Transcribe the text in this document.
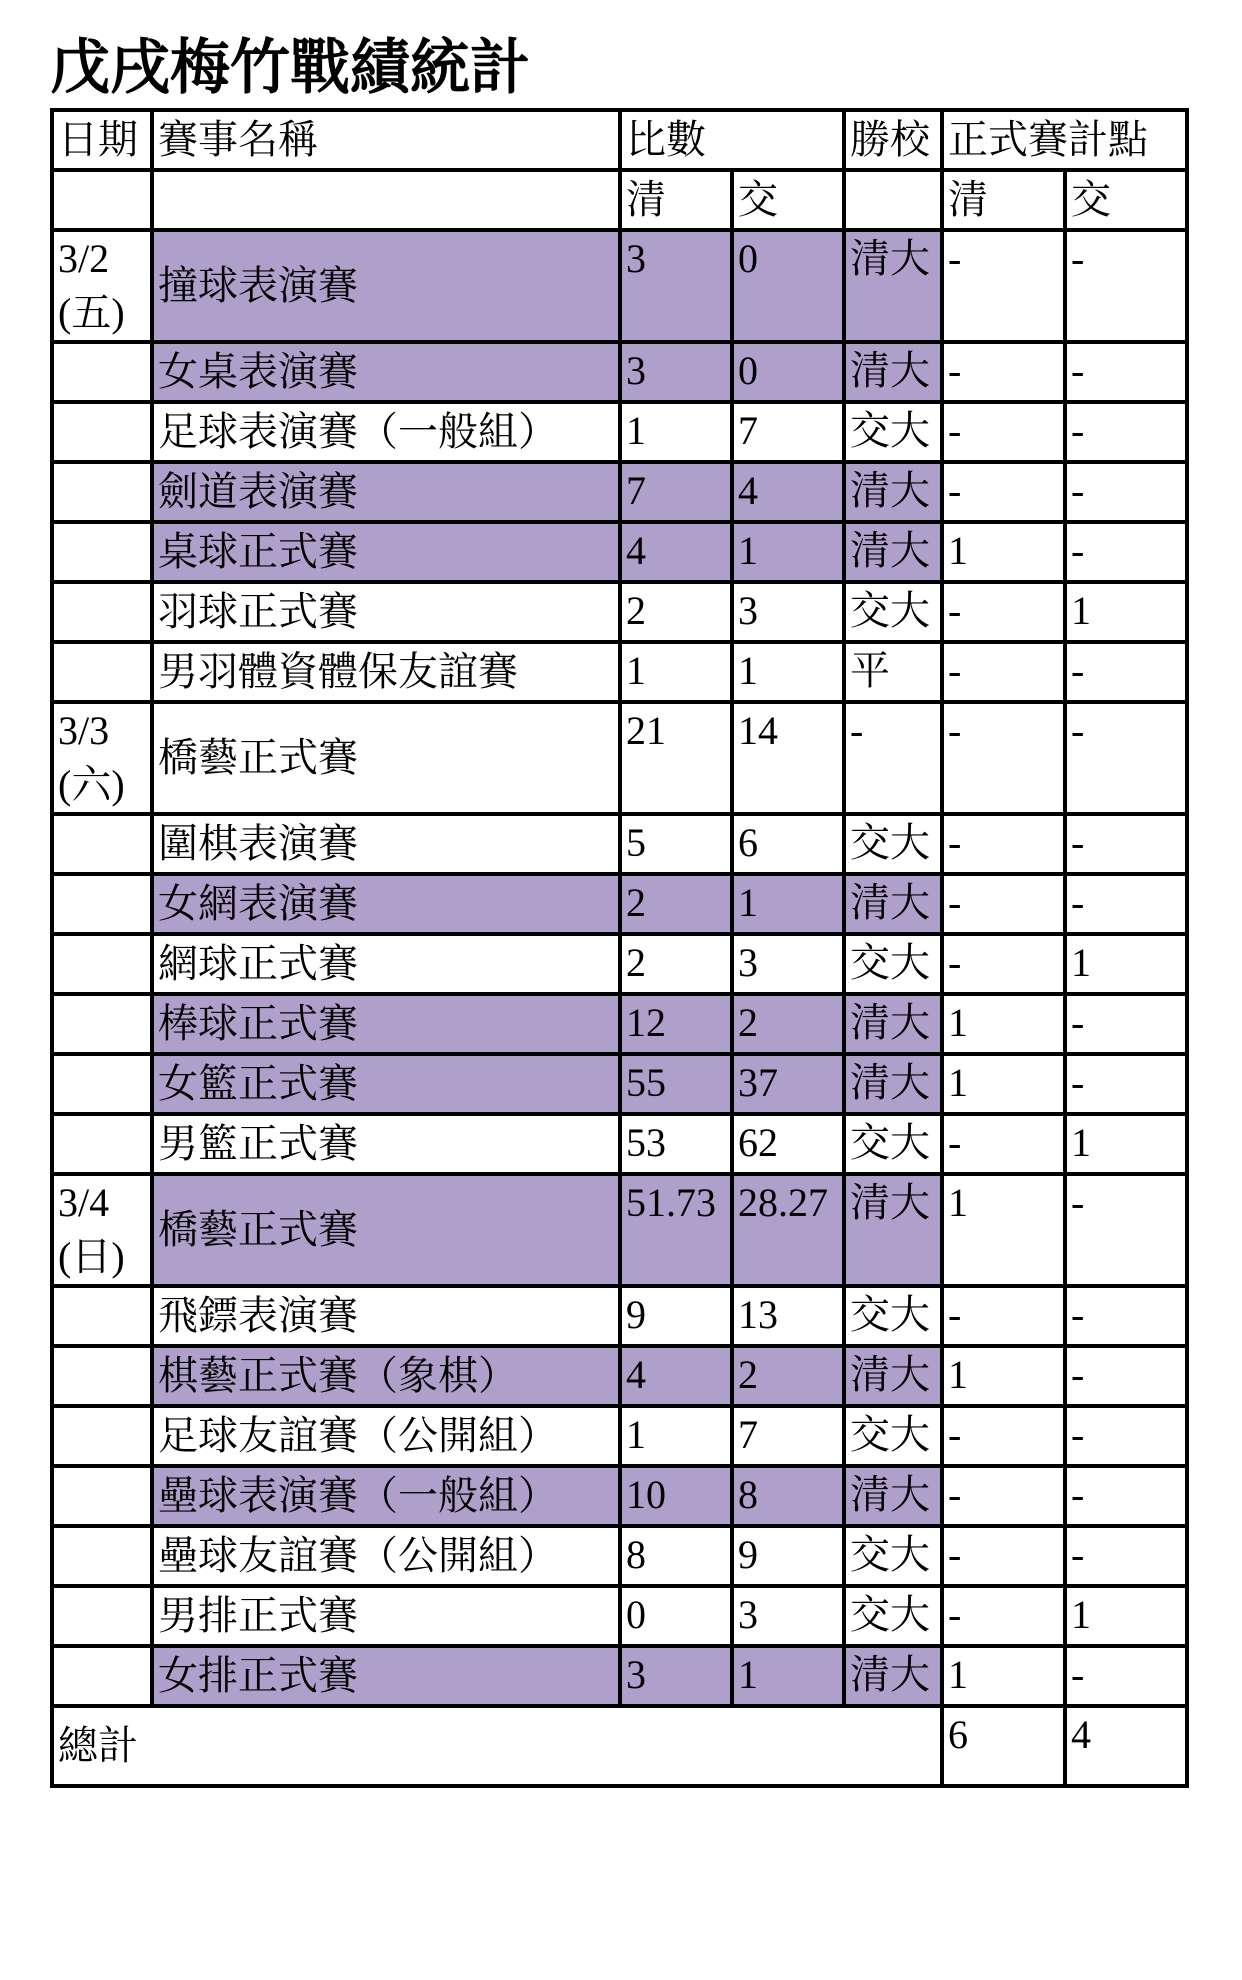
戊戌梅竹戰績統計
日期	賽事名稱	比數		勝校	正式賽計點	
		清	交		清	交

3/2
(五)	撞球表演賽	3	0	清大	-	-
	女桌表演賽	3	0	清大	-	-
	足球表演賽（一般組）	1	7	交大	-	-
	劍道表演賽	7	4	清大	-	-
	桌球正式賽	4	1	清大	1	-
	羽球正式賽	2	3	交大	-	1
	男羽體資體保友誼賽	1	1	平	-	-

3/3
(六)	橋藝正式賽	21	14	-	-	-
	圍棋表演賽	5	6	交大	-	-
	女網表演賽	2	1	清大	-	-
	網球正式賽	2	3	交大	-	1
	棒球正式賽	12	2	清大	1	-
	女籃正式賽	55	37	清大	1	-
	男籃正式賽	53	62	交大	-	1

3/4
(日)	橋藝正式賽	51.73	28.27	清大	1	-
	飛鏢表演賽	9	13	交大	-	-
	棋藝正式賽（象棋）	4	2	清大	1	-
	足球友誼賽（公開組）	1	7	交大	-	-
	壘球表演賽（一般組）	10	8	清大	-	-
	壘球友誼賽（公開組）	8	9	交大	-	-
	男排正式賽	0	3	交大	-	1
	女排正式賽	3	1	清大	1	-
總計					6	4
